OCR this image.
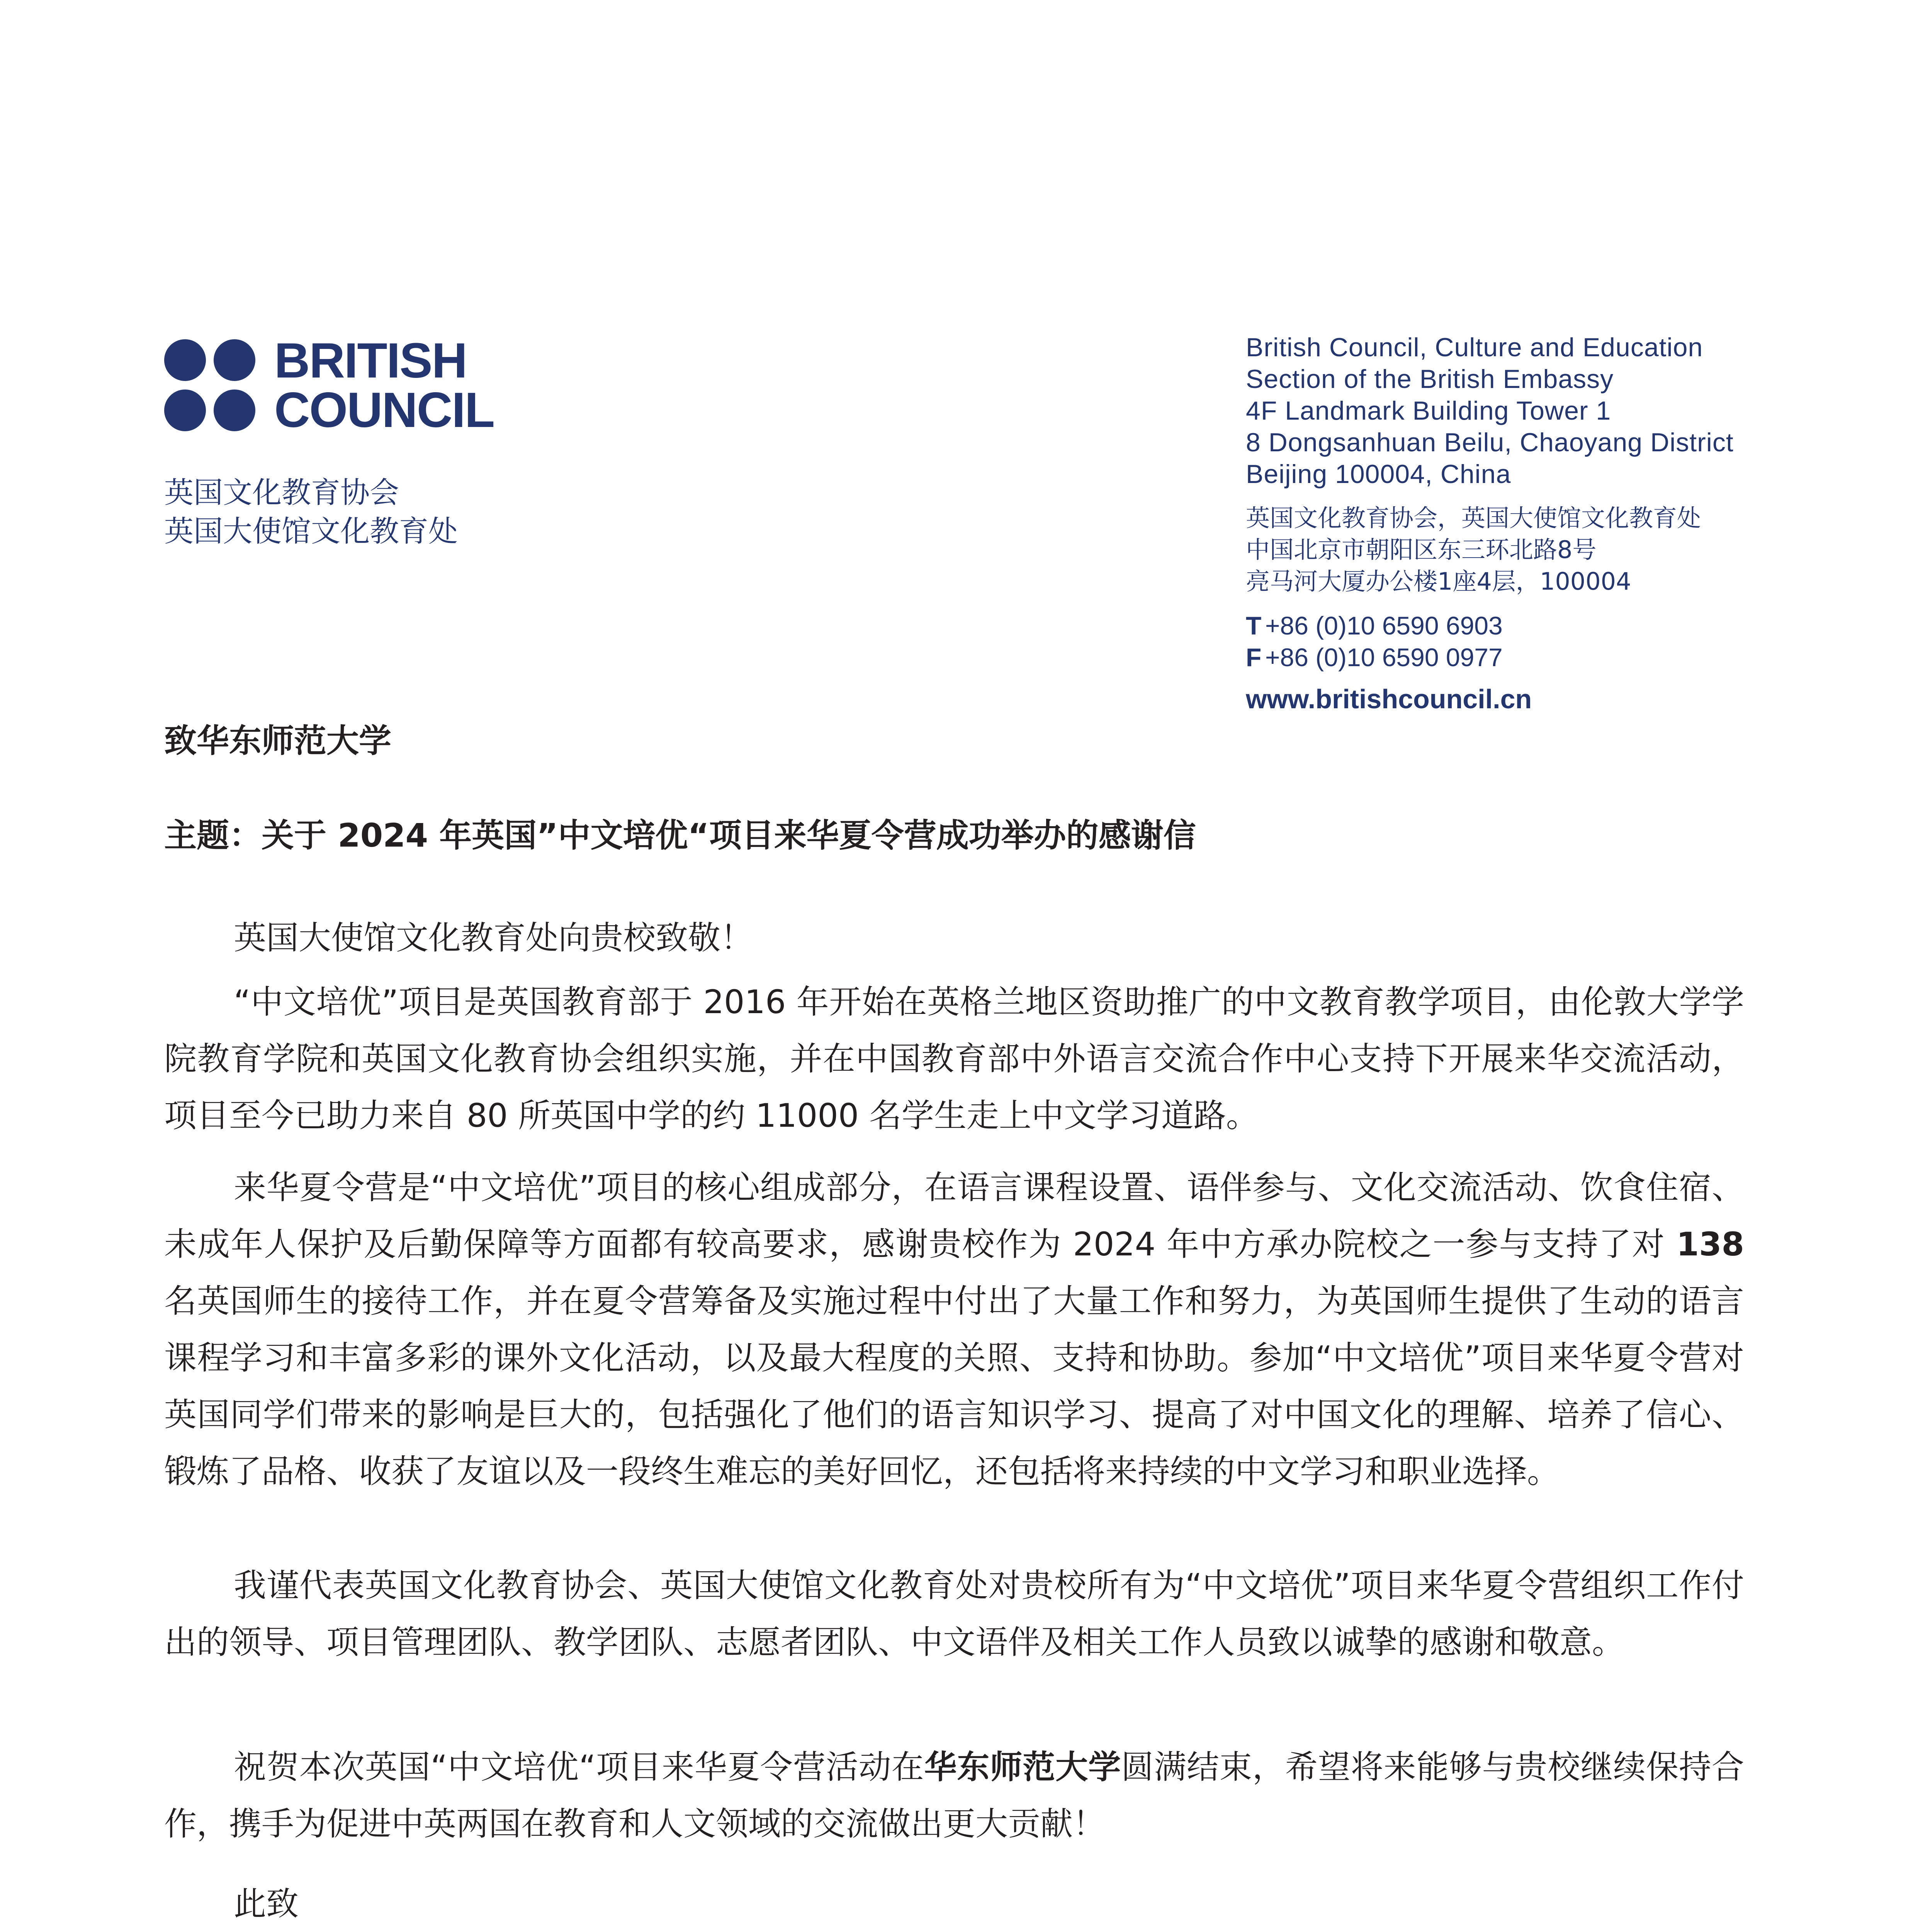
BRITISH
COUNCIL
英国文化教育协会
英国大使馆文化教育处
British Council, Culture and Education
Section of the British Embassy
4F Landmark Building Tower 1
8 Dongsanhuan Beilu, Chaoyang District
Beijing 100004, China
英国文化教育协会，英国大使馆文化教育处
中国北京市朝阳区东三环北路8号
亮马河大厦办公楼1座4层，100004
T +86 (0)10 6590 6903
F +86 (0)10 6590 0977
www.britishcouncil.cn
致华东师范大学
主题：关于 2024 年英国”中文培优“项目来华夏令营成功举办的感谢信
英国大使馆文化教育处向贵校致敬！

“中文培优”项目是英国教育部于 2016 年开始在英格兰地区资助推广的中文教育教学项目，由伦敦大学学院教育学院和英国文化教育协会组织实施，并在中国教育部中外语言交流合作中心支持下开展来华交流活动，项目至今已助力来自 80 所英国中学的约 11000 名学生走上中文学习道路。

来华夏令营是“中文培优”项目的核心组成部分，在语言课程设置、语伴参与、文化交流活动、饮食住宿、未成年人保护及后勤保障等方面都有较高要求，感谢贵校作为 2024 年中方承办院校之一参与支持了对 138 名英国师生的接待工作，并在夏令营筹备及实施过程中付出了大量工作和努力，为英国师生提供了生动的语言课程学习和丰富多彩的课外文化活动，以及最大程度的关照、支持和协助。参加“中文培优”项目来华夏令营对英国同学们带来的影响是巨大的，包括强化了他们的语言知识学习、提高了对中国文化的理解、培养了信心、锻炼了品格、收获了友谊以及一段终生难忘的美好回忆，还包括将来持续的中文学习和职业选择。

我谨代表英国文化教育协会、英国大使馆文化教育处对贵校所有为“中文培优”项目来华夏令营组织工作付出的领导、项目管理团队、教学团队、志愿者团队、中文语伴及相关工作人员致以诚挚的感谢和敬意。

祝贺本次英国“中文培优“项目来华夏令营活动在华东师范大学圆满结束，希望将来能够与贵校继续保持合作，携手为促进中英两国在教育和人文领域的交流做出更大贡献！

此致
